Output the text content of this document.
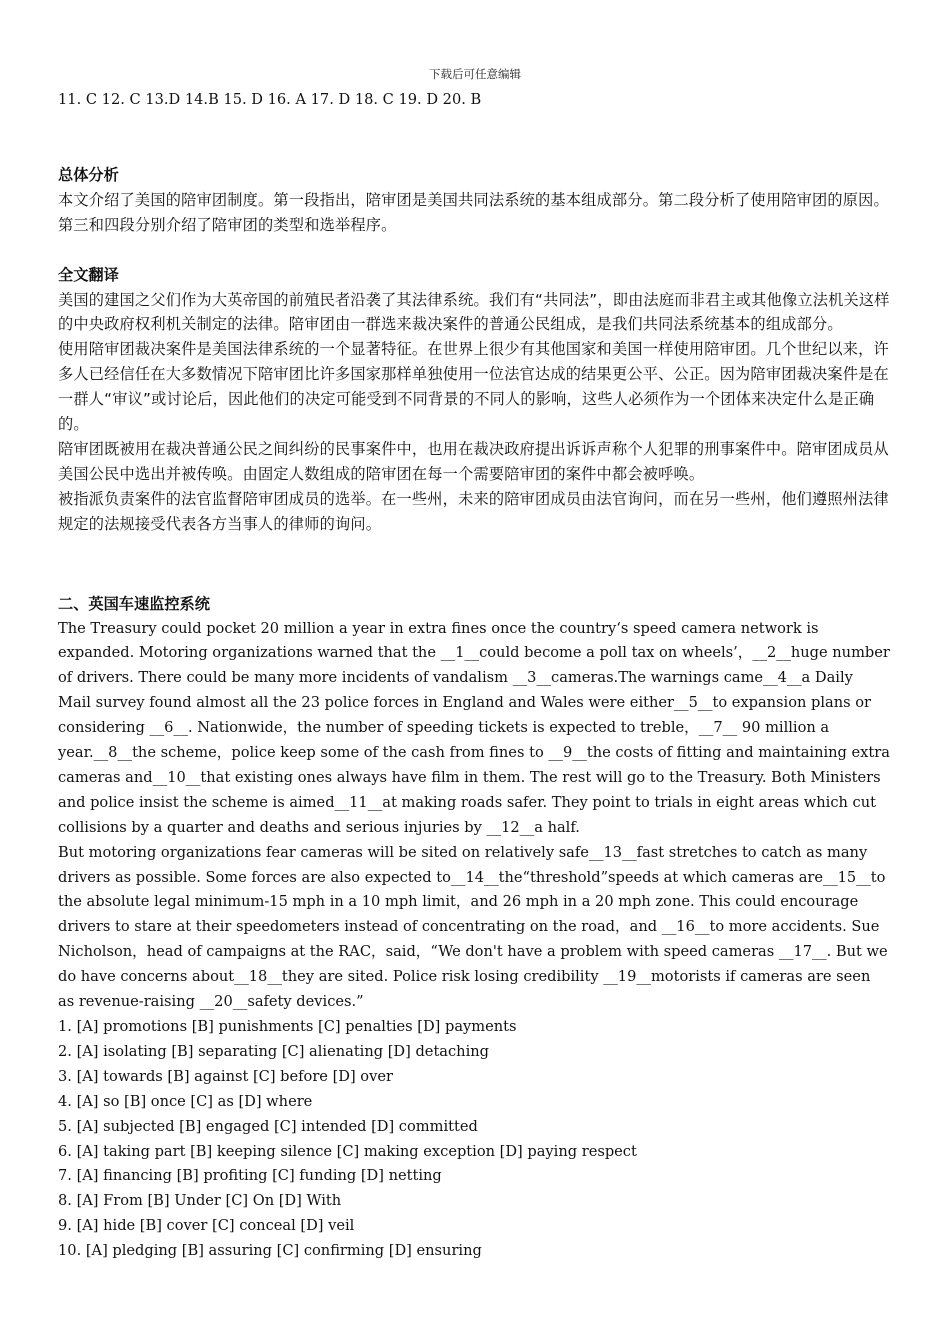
下载后可任意编辑

11. C 12. C 13.D 14.B 15. D 16. A 17. D 18. C 19. D 20. B

总体分析

本文介绍了美国的陪审团制度。第一段指出，陪审团是美国共同法系统的基本组成部分。第二段分析了使用陪审团的原因。第三和四段分别介绍了陪审团的类型和选举程序。

全文翻译

美国的建国之父们作为大英帝国的前殖民者沿袭了其法律系统。我们有“共同法”，即由法庭而非君主或其他像立法机关这样的中央政府权利机关制定的法律。陪审团由一群选来裁决案件的普通公民组成，是我们共同法系统基本的组成部分。

使用陪审团裁决案件是美国法律系统的一个显著特征。在世界上很少有其他国家和美国一样使用陪审团。几个世纪以来，许多人已经信任在大多数情况下陪审团比许多国家那样单独使用一位法官达成的结果更公平、公正。因为陪审团裁决案件是在一群人“审议”或讨论后，因此他们的决定可能受到不同背景的不同人的影响，这些人必须作为一个团体来决定什么是正确的。

陪审团既被用在裁决普通公民之间纠纷的民事案件中，也用在裁决政府提出诉诉声称个人犯罪的刑事案件中。陪审团成员从美国公民中选出并被传唤。由固定人数组成的陪审团在每一个需要陪审团的案件中都会被呼唤。

被指派负责案件的法官监督陪审团成员的选举。在一些州，未来的陪审团成员由法官询问，而在另一些州，他们遵照州法律规定的法规接受代表各方当事人的律师的询问。

二、英国车速监控系统

The Treasury could pocket 20 million a year in extra fines once the country‘s speed camera network is expanded. Motoring organizations warned that the __1__could become a poll tax on wheels’，__2__huge number of drivers. There could be many more incidents of vandalism __3__cameras.The warnings came__4__a Daily Mail survey found almost all the 23 police forces in England and Wales were either__5__to expansion plans or considering __6__. Nationwide，the number of speeding tickets is expected to treble，__7__ 90 million a year.__8__the scheme，police keep some of the cash from fines to __9__the costs of fitting and maintaining extra cameras and__10__that existing ones always have film in them. The rest will go to the Treasury. Both Ministers and police insist the scheme is aimed__11__at making roads safer. They point to trials in eight areas which cut collisions by a quarter and deaths and serious injuries by __12__a half.

But motoring organizations fear cameras will be sited on relatively safe__13__fast stretches to catch as many drivers as possible. Some forces are also expected to__14__the“threshold”speeds at which cameras are__15__to the absolute legal minimum-15 mph in a 10 mph limit，and 26 mph in a 20 mph zone. This could encourage drivers to stare at their speedometers instead of concentrating on the road，and __16__to more accidents. Sue Nicholson，head of campaigns at the RAC，said，“We don't have a problem with speed cameras __17__. But we do have concerns about__18__they are sited. Police risk losing credibility __19__motorists if cameras are seen as revenue-raising __20__safety devices.”

1. [A] promotions [B] punishments [C] penalties [D] payments

2. [A] isolating [B] separating [C] alienating [D] detaching

3. [A] towards [B] against [C] before [D] over

4. [A] so [B] once [C] as [D] where

5. [A] subjected [B] engaged [C] intended [D] committed

6. [A] taking part [B] keeping silence [C] making exception [D] paying respect

7. [A] financing [B] profiting [C] funding [D] netting

8. [A] From [B] Under [C] On [D] With

9. [A] hide [B] cover [C] conceal [D] veil

10. [A] pledging [B] assuring [C] confirming [D] ensuring
